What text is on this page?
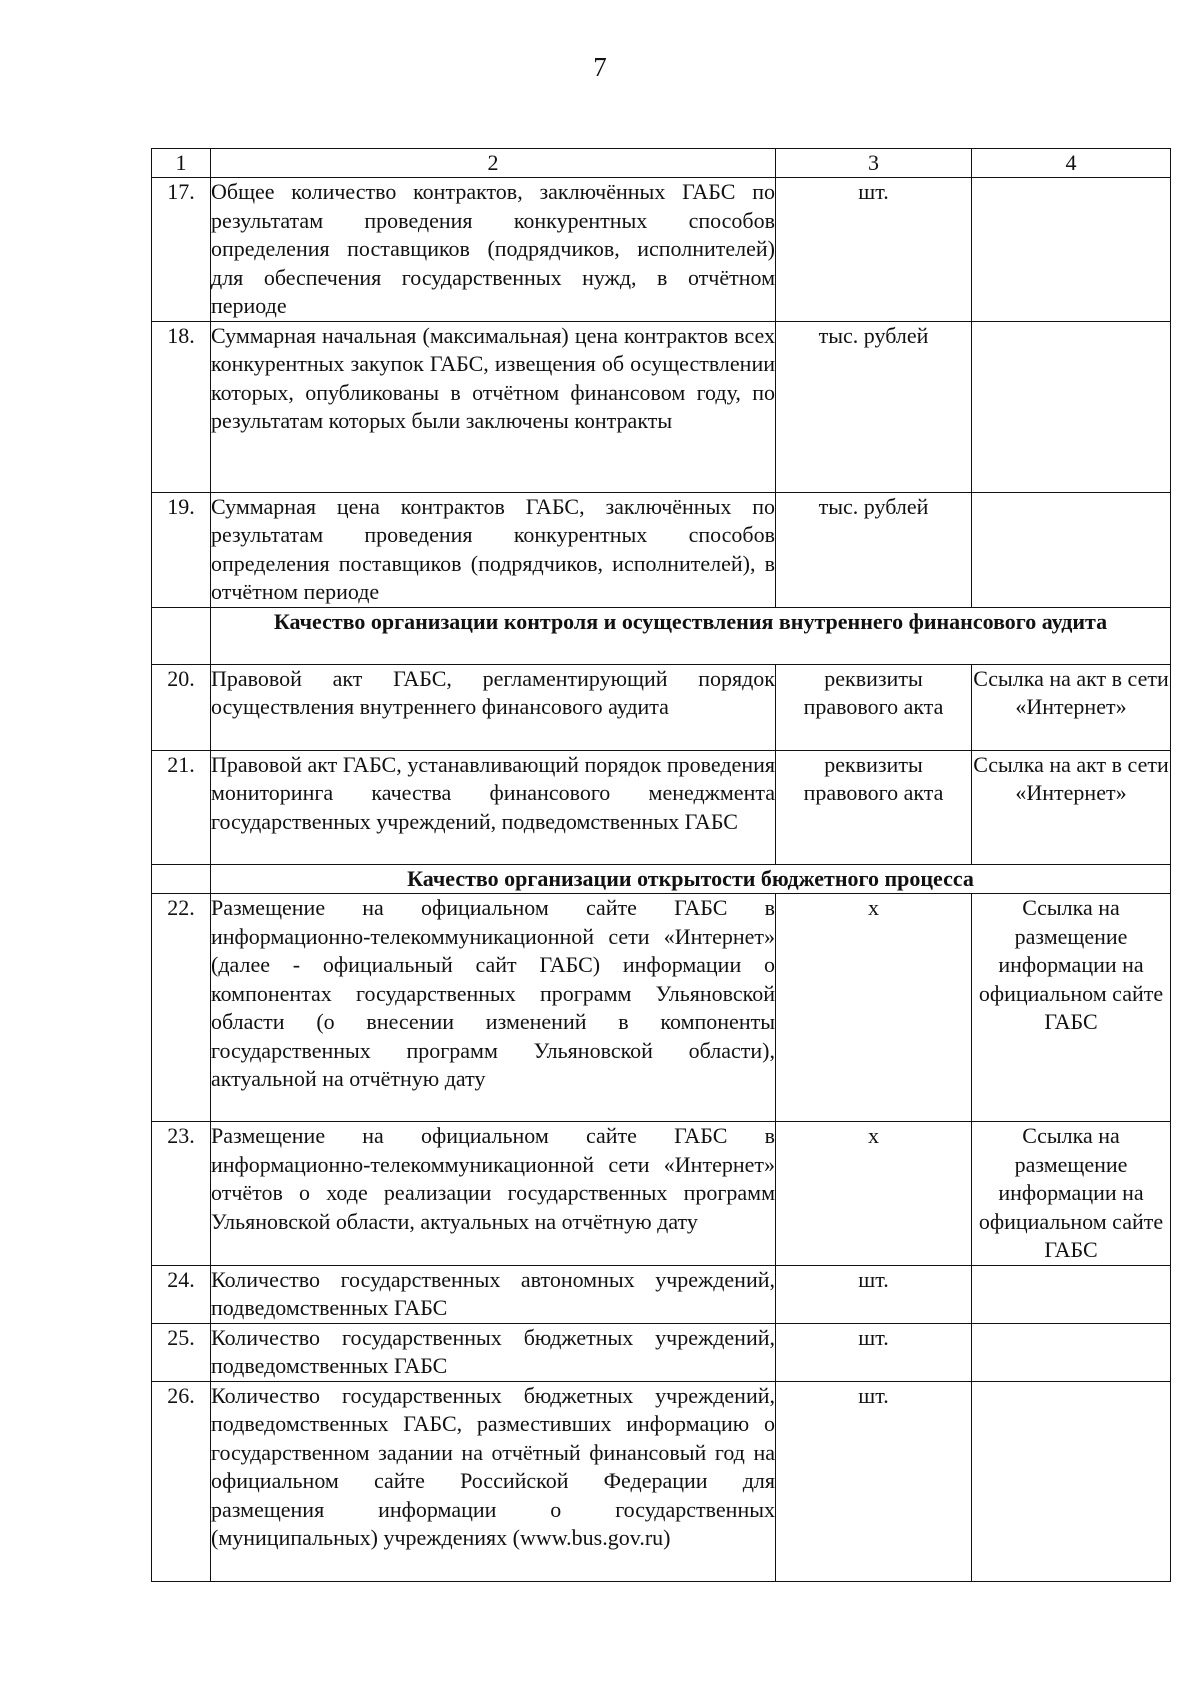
7
1	2	3	4
17.	Общее количество контрактов, заключённых ГАБС по результатам проведения конкурентных способов определения поставщиков (подрядчиков, исполнителей) для обеспечения государственных нужд, в отчётном периоде	шт.	
18.	Суммарная начальная (максимальная) цена контрактов всех конкурентных закупок ГАБС, извещения об осуществлении которых, опубликованы в отчётном финансовом году, по результатам которых были заключены контракты	тыс. рублей	
19.	Суммарная цена контрактов ГАБС, заключённых по результатам проведения конкурентных способов определения поставщиков (подрядчиков, исполнителей), в отчётном периоде	тыс. рублей	
	Качество организации контроля и осуществления внутреннего финансового аудита		
20.	Правовой акт ГАБС, регламентирующий порядок осуществления внутреннего финансового аудита	реквизиты правового акта	Ссылка на акт в сети «Интернет»
21.	Правовой акт ГАБС, устанавливающий порядок проведения мониторинга качества финансового менеджмента государственных учреждений, подведомственных ГАБС	реквизиты правового акта	Ссылка на акт в сети «Интернет»
	Качество организации открытости бюджетного процесса		
22.	Размещение на официальном сайте ГАБС в информационно-телекоммуникационной сети «Интернет» (далее - официальный сайт ГАБС) информации о компонентах государственных программ Ульяновской области (о внесении изменений в компоненты государственных программ Ульяновской области), актуальной на отчётную дату	х	Ссылка на размещение информации на официальном сайте ГАБС
23.	Размещение на официальном сайте ГАБС в информационно-телекоммуникационной сети «Интернет» отчётов о ходе реализации государственных программ Ульяновской области, актуальных на отчётную дату	х	Ссылка на размещение информации на официальном сайте ГАБС
24.	Количество государственных автономных учреждений, подведомственных ГАБС	шт.	
25.	Количество государственных бюджетных учреждений, подведомственных ГАБС	шт.	
26.	Количество государственных бюджетных учреждений, подведомственных ГАБС, разместивших информацию о государственном задании на отчётный финансовый год на официальном сайте Российской Федерации для размещения информации о государственных (муниципальных) учреждениях (www.bus.gov.ru)	шт.	
